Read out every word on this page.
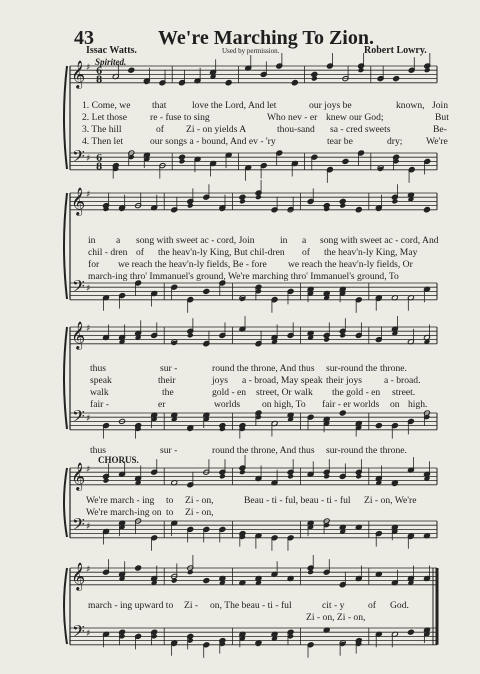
𝄞
𝄢
♯
♯
6
8
6
8
𝄞
𝄢
♯
♯
𝄞
𝄢
♯
♯
𝄞
𝄢
♯
♯
𝄞
𝄢
♯
♯
43	We're Marching To Zion.
Issac Watts.	Used by permission.	Robert Lowry.
Spirited.
1. Come, we that	love the Lord, And let	our joys be	known, Join
2. Let those re - fuse to sing	Who nev - er knew our God;	But
3. The hill	of Zi - on yields A	thou-sand sa - cred sweets	Be-
4. Then let	our songs a - bound, And ev - 'ry	tear be	dry; We're
in a song with sweet ac - cord, Join	in a song with sweet ac - cord, And
chil - dren of the heav'n-ly King, But chil-dren of the heav'n-ly King, May
for we reach the heav'n-ly fields, Be - fore we reach the heav'n-ly fields, Or
march-ing thro' Immanuel's ground, We're marching thro' Immanuel's ground, To
thus	sur -	round the throne, And thus sur-round the throne.
speak	their	joys a - broad, May speak their joys a - broad.
walk	the	gold - en street, Or walk the gold - en street.
fair -	er	worlds on high, To fair - er worlds on high.
thus	sur -	round the throne, And thus sur-round the throne.
CHORUS.
We're march - ing to Zi - on,	Beau - ti - ful, beau - ti - ful Zi - on, We're
We're march-ing on to Zi - on,
march - ing upward to Zi - on, The beau - ti - ful	cit - y of God.
Zi - on, Zi - on,
